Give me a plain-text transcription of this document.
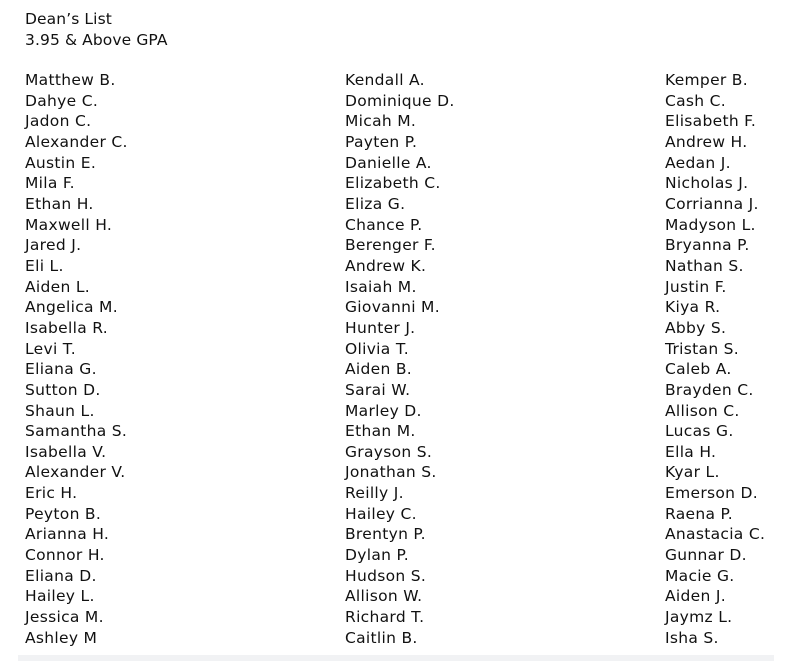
Dean’s List
3.95 & Above GPA
Matthew B.
Dahye C.
Jadon C.
Alexander C.
Austin E.
Mila F.
Ethan H.
Maxwell H.
Jared J.
Eli L.
Aiden L.
Angelica M.
Isabella R.
Levi T.
Eliana G.
Sutton D.
Shaun L.
Samantha S.
Isabella V.
Alexander V.
Eric H.
Peyton B.
Arianna H.
Connor H.
Eliana D.
Hailey L.
Jessica M.
Ashley M
Kendall A.
Dominique D.
Micah M.
Payten P.
Danielle A.
Elizabeth C.
Eliza G.
Chance P.
Berenger F.
Andrew K.
Isaiah M.
Giovanni M.
Hunter J.
Olivia T.
Aiden B.
Sarai W.
Marley D.
Ethan M.
Grayson S.
Jonathan S.
Reilly J.
Hailey C.
Brentyn P.
Dylan P.
Hudson S.
Allison W.
Richard T.
Caitlin B.
Kemper B.
Cash C.
Elisabeth F.
Andrew H.
Aedan J.
Nicholas J.
Corrianna J.
Madyson L.
Bryanna P.
Nathan S.
Justin F.
Kiya R.
Abby S.
Tristan S.
Caleb A.
Brayden C.
Allison C.
Lucas G.
Ella H.
Kyar L.
Emerson D.
Raena P.
Anastacia C.
Gunnar D.
Macie G.
Aiden J.
Jaymz L.
Isha S.
